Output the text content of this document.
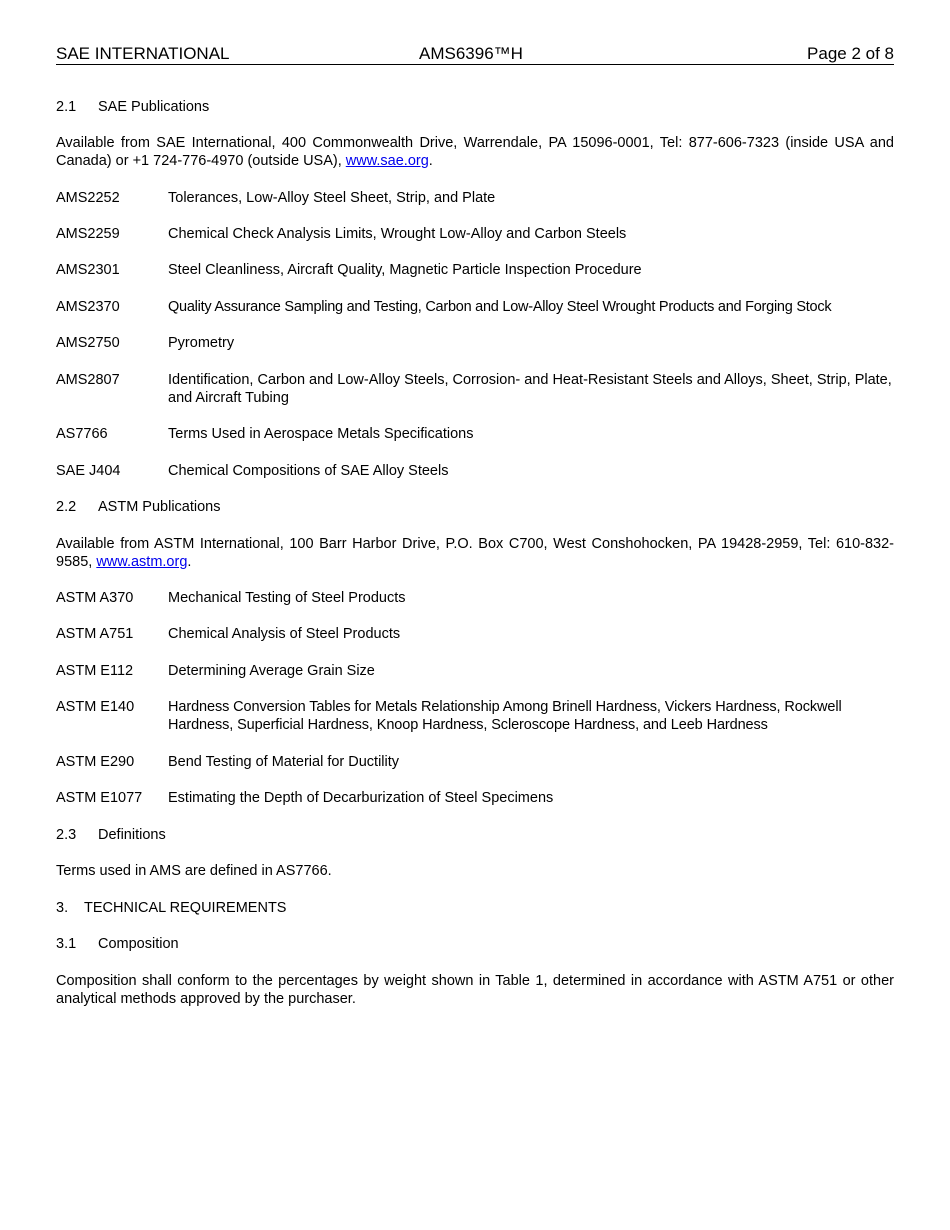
SAE INTERNATIONAL	AMS6396™H	Page 2 of 8
2.1 SAE Publications
Available from SAE International, 400 Commonwealth Drive, Warrendale, PA 15096-0001, Tel: 877-606-7323 (inside USA and Canada) or +1 724-776-4970 (outside USA), www.sae.org.
AMS2252	Tolerances, Low-Alloy Steel Sheet, Strip, and Plate
AMS2259	Chemical Check Analysis Limits, Wrought Low-Alloy and Carbon Steels
AMS2301	Steel Cleanliness, Aircraft Quality, Magnetic Particle Inspection Procedure
AMS2370	Quality Assurance Sampling and Testing, Carbon and Low-Alloy Steel Wrought Products and Forging Stock
AMS2750	Pyrometry
AMS2807	Identification, Carbon and Low-Alloy Steels, Corrosion- and Heat-Resistant Steels and Alloys, Sheet, Strip, Plate, and Aircraft Tubing
AS7766	Terms Used in Aerospace Metals Specifications
SAE J404	Chemical Compositions of SAE Alloy Steels
2.2 ASTM Publications
Available from ASTM International, 100 Barr Harbor Drive, P.O. Box C700, West Conshohocken, PA 19428-2959, Tel: 610-832-9585, www.astm.org.
ASTM A370 Mechanical Testing of Steel Products
ASTM A751 Chemical Analysis of Steel Products
ASTM E112 Determining Average Grain Size
ASTM E140 Hardness Conversion Tables for Metals Relationship Among Brinell Hardness, Vickers Hardness, Rockwell Hardness, Superficial Hardness, Knoop Hardness, Scleroscope Hardness, and Leeb Hardness
ASTM E290 Bend Testing of Material for Ductility
ASTM E1077 Estimating the Depth of Decarburization of Steel Specimens
2.3 Definitions
Terms used in AMS are defined in AS7766.
3. TECHNICAL REQUIREMENTS
3.1 Composition
Composition shall conform to the percentages by weight shown in Table 1, determined in accordance with ASTM A751 or other analytical methods approved by the purchaser.
